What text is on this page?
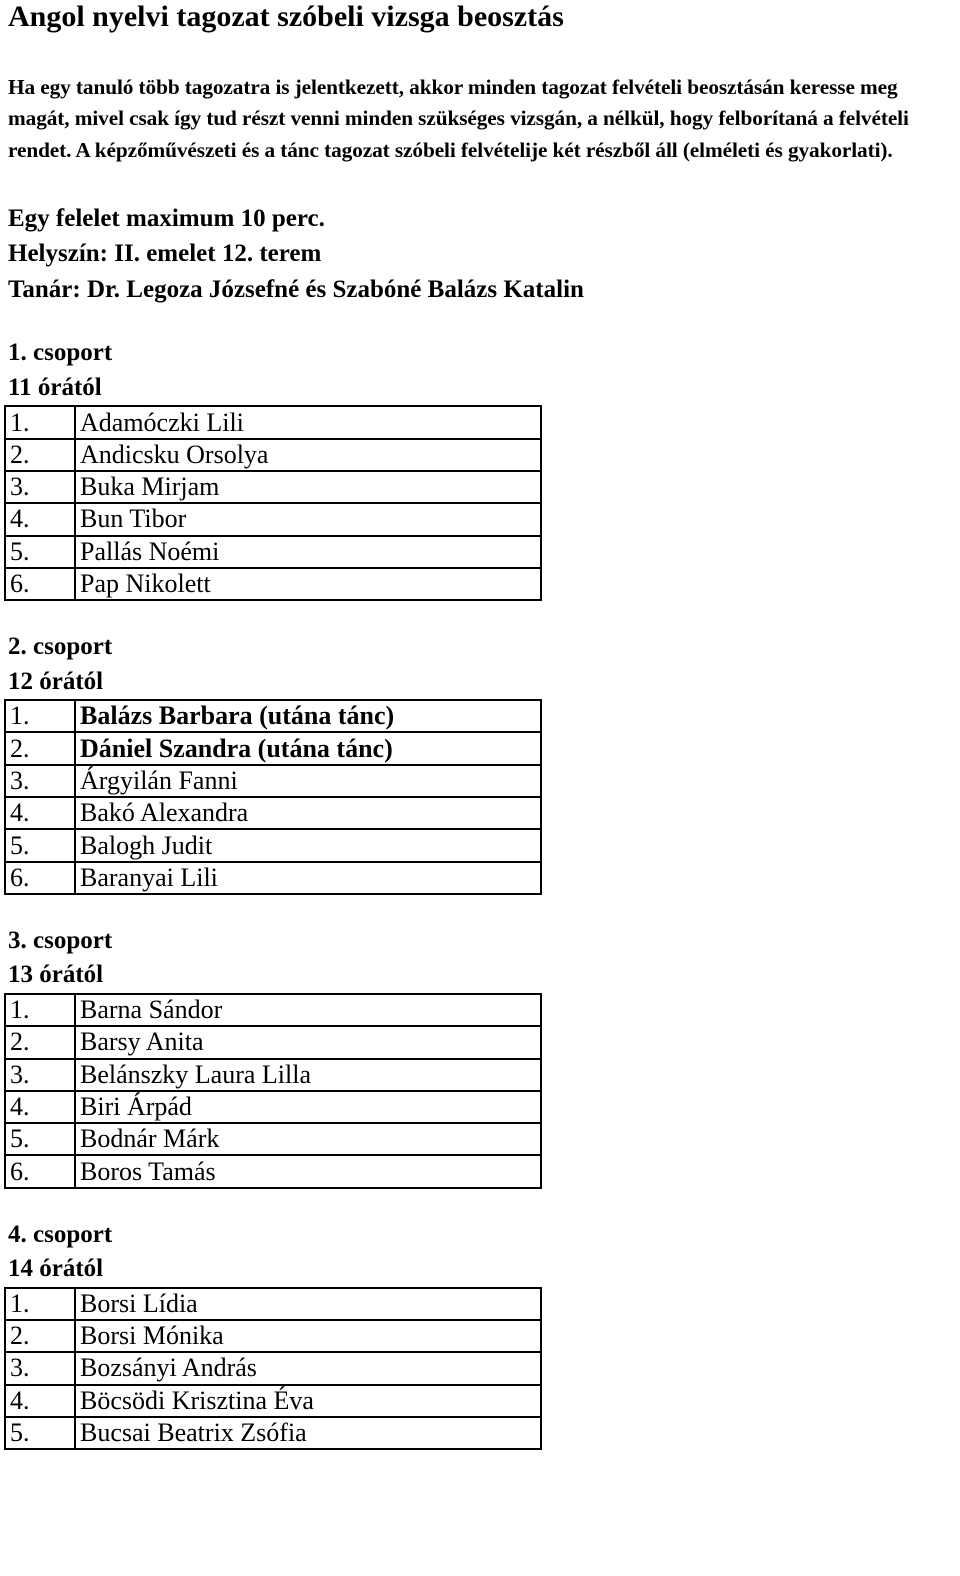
Angol nyelvi tagozat szóbeli vizsga beosztás

Ha egy tanuló több tagozatra is jelentkezett, akkor minden tagozat felvételi beosztásán keresse meg magát, mivel csak így tud részt venni minden szükséges vizsgán, a nélkül, hogy felborítaná a felvételi rendet. A képzőművészeti és a tánc tagozat szóbeli felvételije két részből áll (elméleti és gyakorlati).

Egy felelet maximum 10 perc.
Helyszín: II. emelet 12. terem
Tanár: Dr. Legoza Józsefné és Szabóné Balázs Katalin
1. csoport
11 órától
1.	Adamóczki Lili
2.	Andicsku Orsolya
3.	Buka Mirjam
4.	Bun Tibor
5.	Pallás Noémi
6.	Pap Nikolett
2. csoport
12 órától
1.	Balázs Barbara (utána tánc)
2.	Dániel Szandra (utána tánc)
3.	Árgyilán Fanni
4.	Bakó Alexandra
5.	Balogh Judit
6.	Baranyai Lili
3. csoport
13 órától
1.	Barna Sándor
2.	Barsy Anita
3.	Belánszky Laura Lilla
4.	Biri Árpád
5.	Bodnár Márk
6.	Boros Tamás
4. csoport
14 órától
1.	Borsi Lídia
2.	Borsi Mónika
3.	Bozsányi András
4.	Böcsödi Krisztina Éva
5.	Bucsai Beatrix Zsófia
